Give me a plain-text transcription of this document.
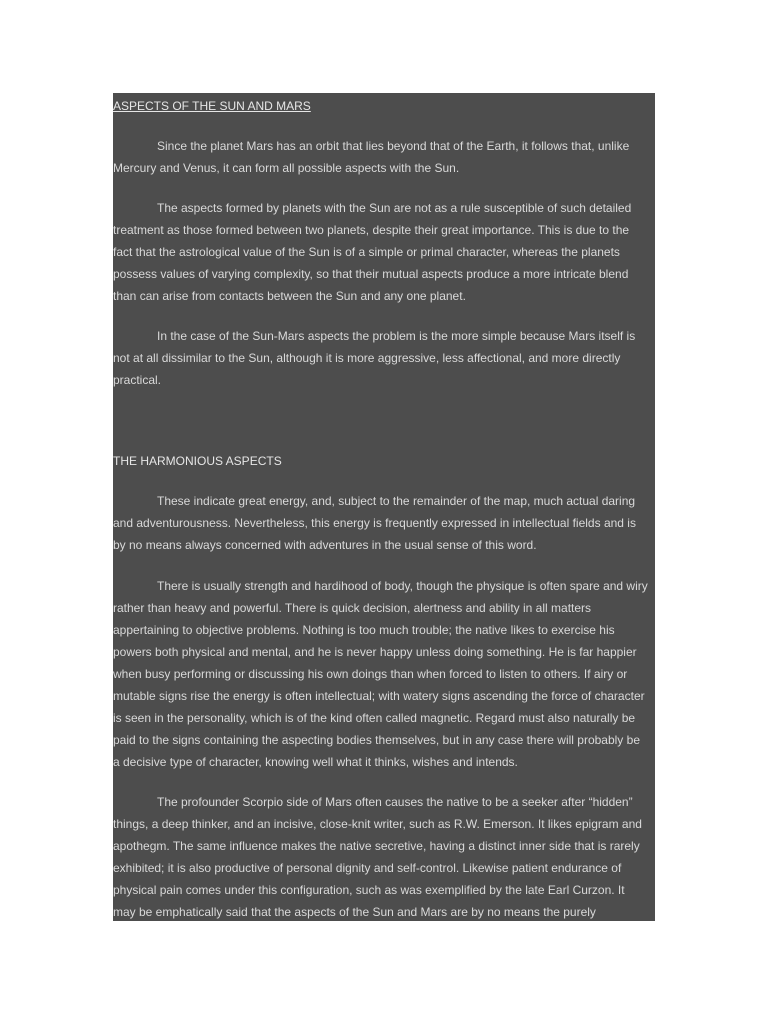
ASPECTS OF THE SUN AND MARS

Since the planet Mars has an orbit that lies beyond that of the Earth, it follows that, unlike
Mercury and Venus, it can form all possible aspects with the Sun.

The aspects formed by planets with the Sun are not as a rule susceptible of such detailed
treatment as those formed between two planets, despite their great importance. This is due to the
fact that the astrological value of the Sun is of a simple or primal character, whereas the planets
possess values of varying complexity, so that their mutual aspects produce a more intricate blend
than can arise from contacts between the Sun and any one planet.

In the case of the Sun-Mars aspects the problem is the more simple because Mars itself is
not at all dissimilar to the Sun, although it is more aggressive, less affectional, and more directly
practical.

THE HARMONIOUS ASPECTS

These indicate great energy, and, subject to the remainder of the map, much actual daring
and adventurousness. Nevertheless, this energy is frequently expressed in intellectual fields and is
by no means always concerned with adventures in the usual sense of this word.

There is usually strength and hardihood of body, though the physique is often spare and wiry
rather than heavy and powerful. There is quick decision, alertness and ability in all matters
appertaining to objective problems. Nothing is too much trouble; the native likes to exercise his
powers both physical and mental, and he is never happy unless doing something. He is far happier
when busy performing or discussing his own doings than when forced to listen to others. If airy or
mutable signs rise the energy is often intellectual; with watery signs ascending the force of character
is seen in the personality, which is of the kind often called magnetic. Regard must also naturally be
paid to the signs containing the aspecting bodies themselves, but in any case there will probably be
a decisive type of character, knowing well what it thinks, wishes and intends.

The profounder Scorpio side of Mars often causes the native to be a seeker after “hidden”
things, a deep thinker, and an incisive, close-knit writer, such as R.W. Emerson. It likes epigram and
apothegm. The same influence makes the native secretive, having a distinct inner side that is rarely
exhibited; it is also productive of personal dignity and self-control. Likewise patient endurance of
physical pain comes under this configuration, such as was exemplified by the late Earl Curzon. It
may be emphatically said that the aspects of the Sun and Mars are by no means the purely
